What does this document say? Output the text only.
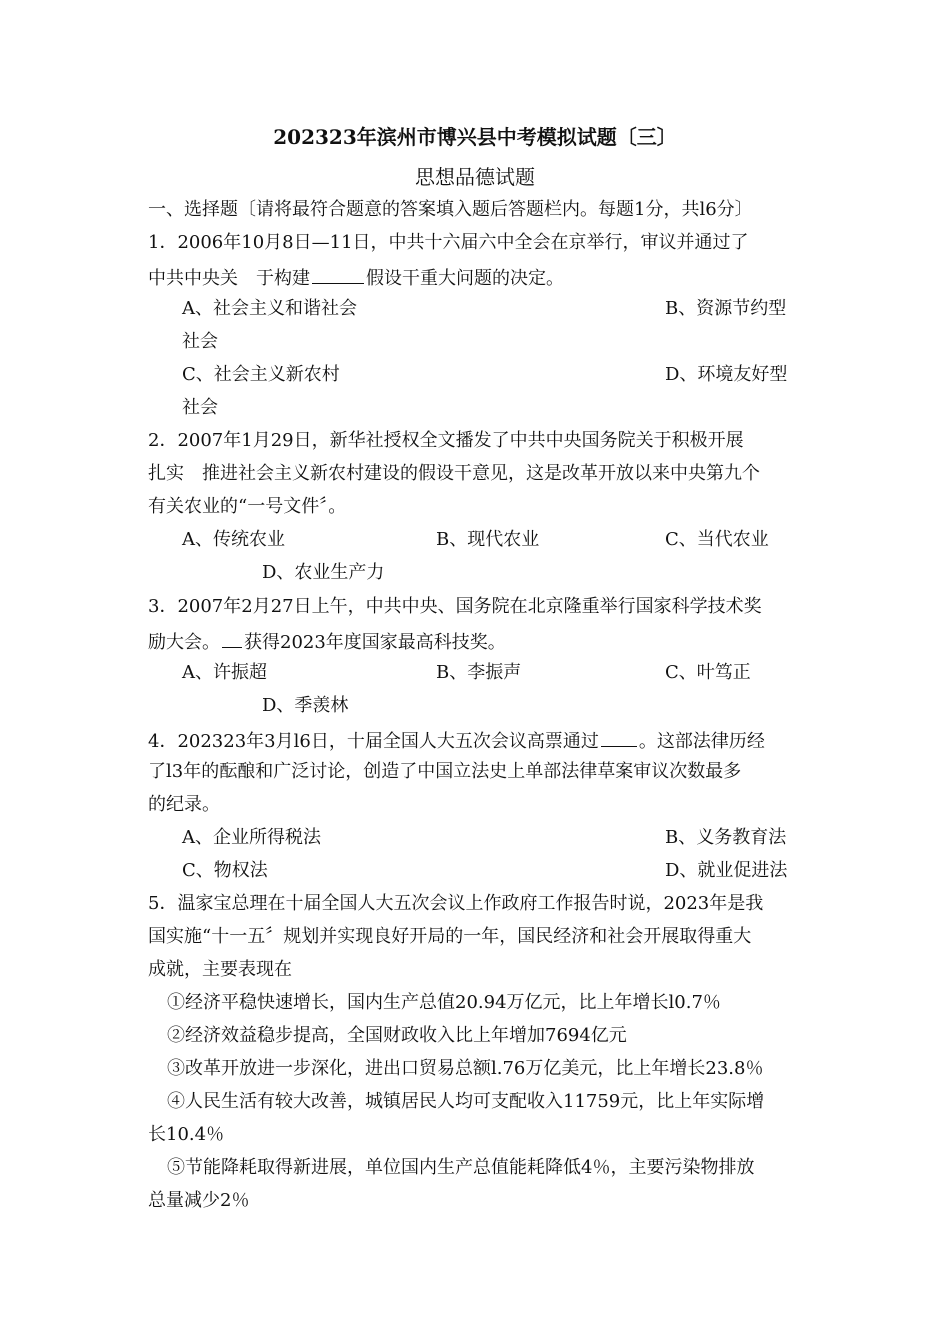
202323年滨州市博兴县中考模拟试题〔三〕
思想品德试题
一、选择题〔请将最符合题意的答案填入题后答题栏内。每题1分，共l6分〕
1．2006年10月8日—11日，中共十六届六中全会在京举行，审议并通过了
中共中央关　于构建	假设干重大问题的决定。
A、社会主义和谐社会	B、资源节约型
社会
C、社会主义新农村	D、环境友好型
社会
2．2007年1月29日，新华社授权全文播发了中共中央国务院关于积极开展
扎实　推进社会主义新农村建设的假设干意见，这是改革开放以来中央第九个
有关农业的“一号文件〞。
A、传统农业	B、现代农业	C、当代农业
D、农业生产力
3．2007年2月27日上午，中共中央、国务院在北京隆重举行国家科学技术奖
励大会。 获得2023年度国家最高科技奖。
A、许振超	B、李振声	C、叶笃正
D、季羡林
4．202323年3月l6日，十届全国人大五次会议高票通过 。这部法律历经
了l3年的酝酿和广泛讨论，创造了中国立法史上单部法律草案审议次数最多
的纪录。
A、企业所得税法	B、义务教育法
C、物权法	D、就业促进法
5．温家宝总理在十届全国人大五次会议上作政府工作报告时说，2023年是我
国实施“十一五〞规划并实现良好开局的一年，国民经济和社会开展取得重大
成就，主要表现在
①经济平稳快速增长，国内生产总值20.94万亿元，比上年增长l0.7％
②经济效益稳步提高，全国财政收入比上年增加7694亿元
③改革开放进一步深化，进出口贸易总额l.76万亿美元，比上年增长23.8％
④人民生活有较大改善，城镇居民人均可支配收入11759元，比上年实际增
长10.4％
⑤节能降耗取得新进展，单位国内生产总值能耗降低4％，主要污染物排放
总量减少2％
